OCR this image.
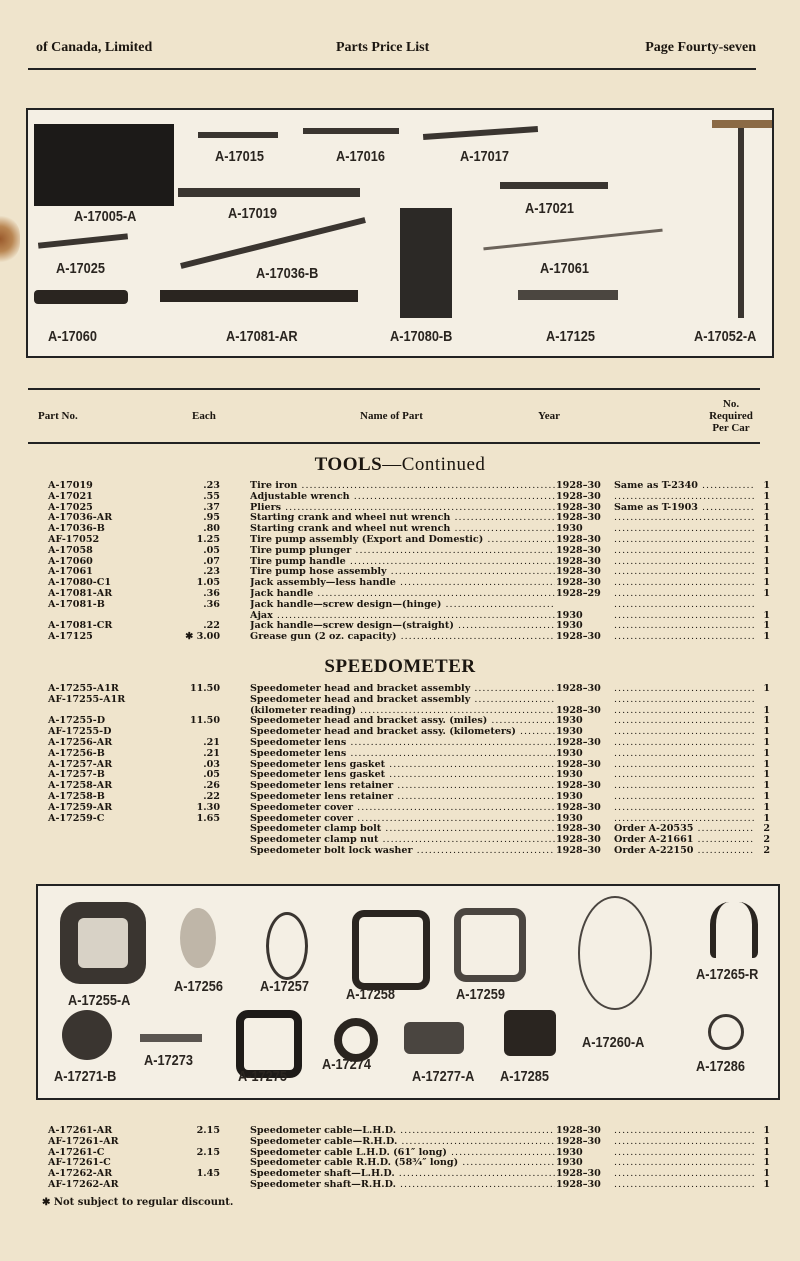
of Canada, Limited	Parts Price List	Page Fourty-seven
A-17015	A-17016	A-17017
A-17005-A	A-17019	A-17021
A-17025	A-17036-B	A-17061
A-17060	A-17081-AR	A-17080-B	A-17125	A-17052-A
Part No.	Each	Name of Part	Year
No.
Required
Per Car
TOOLS—Continued
A-17019	.23	Tire iron .....	1928–30 Same as T-2340 .....	1
A-17021	.55	Adjustable wrench .....	1928–30 .....	1
A-17025	.37	Pliers .....	1928–30 Same as T-1903 .....	1
A-17036-AR	.95	Starting crank and wheel nut wrench .....	1928–30 .....	1
A-17036-B	.80	Starting crank and wheel nut wrench .....	1930 .....	1
AF-17052	1.25	Tire pump assembly (Export and Domestic) .....	1928–30 .....	1
A-17058	.05	Tire pump plunger .....	1928–30 .....	1
A-17060	.07	Tire pump handle .....	1928–30 .....	1
A-17061	.23	Tire pump hose assembly .....	1928–30 .....	1
A-17080-C1	1.05	Jack assembly—less handle .....	1928–30 .....	1
A-17081-AR	.36	Jack handle .....	1928–29 .....	1
A-17081-B	.36	Jack handle—screw design—(hinge) .....
.....
Ajax .....	1930 .....	1
A-17081-CR	.22	Jack handle—screw design—(straight) .....	1930 .....	1
A-17125	✱ 3.00	Grease gun (2 oz. capacity) .....	1928–30 .....	1
SPEEDOMETER
A-17255-A1R	11.50	Speedometer head and bracket assembly .....	1928–30 .....	1
AF-17255-A1R	Speedometer head and bracket assembly .....
.....
(kilometer reading) .....	1928–30 .....	1
A-17255-D	11.50	Speedometer head and bracket assy. (miles) .....	1930 .....	1
AF-17255-D	Speedometer head and bracket assy. (kilometers) .....	1930 .....	1
A-17256-AR	.21	Speedometer lens .....	1928–30 .....	1
A-17256-B	.21	Speedometer lens .....	1930 .....	1
A-17257-AR	.03	Speedometer lens gasket .....	1928–30 .....	1
A-17257-B	.05	Speedometer lens gasket .....	1930 .....	1
A-17258-AR	.26	Speedometer lens retainer .....	1928–30 .....	1
A-17258-B	.22	Speedometer lens retainer .....	1930 .....	1
A-17259-AR	1.30	Speedometer cover .....	1928–30 .....	1
A-17259-C	1.65	Speedometer cover .....	1930 .....	1
Speedometer clamp bolt .....	1928–30 Order A-20535 .....	2
Speedometer clamp nut .....	1928–30 Order A-21661 .....	2
Speedometer bolt lock washer .....	1928–30 Order A-22150 .....	2
A-17256 A-17257 A-17258	A-17259
A-17265-R
A-17255-A
A-17260-A
A-17273	A-17274	A-17286
A-17271-B	A-17275	A-17277-A A-17285
A-17261-AR	2.15	Speedometer cable—L.H.D. .....	1928–30 .....	1
AF-17261-AR	Speedometer cable—R.H.D. .....	1928–30 .....	1
A-17261-C	2.15	Speedometer cable L.H.D. (61″ long) .....	1930 .....	1
AF-17261-C	Speedometer cable R.H.D. (58¾″ long) .....	1930 .....	1
A-17262-AR	1.45	Speedometer shaft—L.H.D. .....	1928–30 .....	1
AF-17262-AR	Speedometer shaft—R.H.D. .....	1928–30 .....	1
✱ Not subject to regular discount.
